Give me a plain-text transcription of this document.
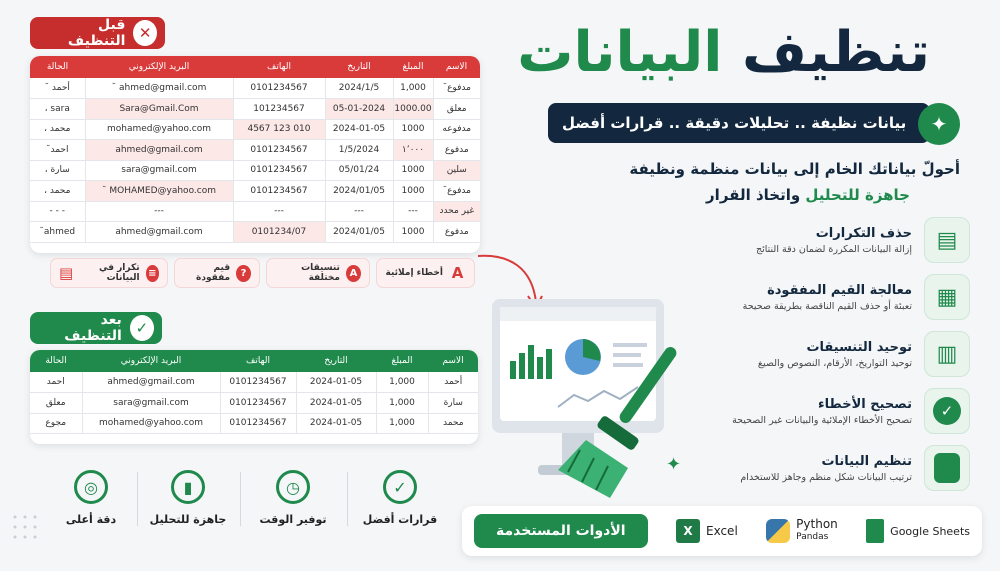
✕
قبل التنظيف
الاسم	المبلغ	التاريخ	الهاتف	البريد الإلكتروني	الحالة
مدفوع˘	1,000	2024/1/5	0101234567	ahmed@gmail.com ˘	أحمد ˘
معلق	1000.00	05-01-2024	101234567	Sara@Gmail.Com	sara ،
مدفوعه	1000	2024-01-05	010 123 4567	mohamed@yahoo.com	محمد ،
مدفوع	١٬٠٠٠	1/5/2024	0101234567	ahmed@gmail.com	احمد˘
سلين	1000	05/01/24	0101234567	sara@gmail.com	سارة ،
مدفوع˘	1000	2024/01/05	0101234567	MOHAMED@yahoo.com ˘	محمد ،
غير محدد	---	---	---	---	- - -
مدفوع	1000	2024/01/05	0101234/07	ahmed@gmail.com	ahmed˘
A
أخطاء إملائية
A
تنسيقات مختلفة
?
قيم مفقودة
≡
تكرار في البيانات
▤
✓
بعد التنظيف
الاسم	المبلغ	التاريخ	الهاتف	البريد الإلكتروني	الحالة
أحمد	1,000	2024-01-05	0101234567	ahmed@gmail.com	احمد
سارة	1,000	2024-01-05	0101234567	sara@gmail.com	معلق
محمد	1,000	2024-01-05	0101234567	mohamed@yahoo.com	مجوع
✓
قرارات أفضل
◷
توفير الوقت
▮
جاهزة للتحليل
◎
دقة أعلى
تنظيف البيانات
بيانات نظيفة .. تحليلات دقيقة .. قرارات أفضل	✦
أحولّ بياناتك الخام إلى بيانات منظمة ونظيفة
جاهزة للتحليل واتخاذ القرار
✦
▤
حذف التكرارات
إزالة البيانات المكررة لضمان دقة النتائج
▦
معالجة القيم المفقودة
تعبئة أو حذف القيم الناقصة بطريقة صحيحة
▥
توحيد التنسيقات
توحيد التواريخ، الأرقام، النصوص والصيغ
✓
تصحيح الأخطاء
تصحيح الأخطاء الإملائية والبيانات غير الصحيحة
تنظيم البيانات
ترتيب البيانات شكل منظم وجاهز للاستخدام
Google Sheets
Python
Pandas
X	Excel
الأدوات المستخدمة
